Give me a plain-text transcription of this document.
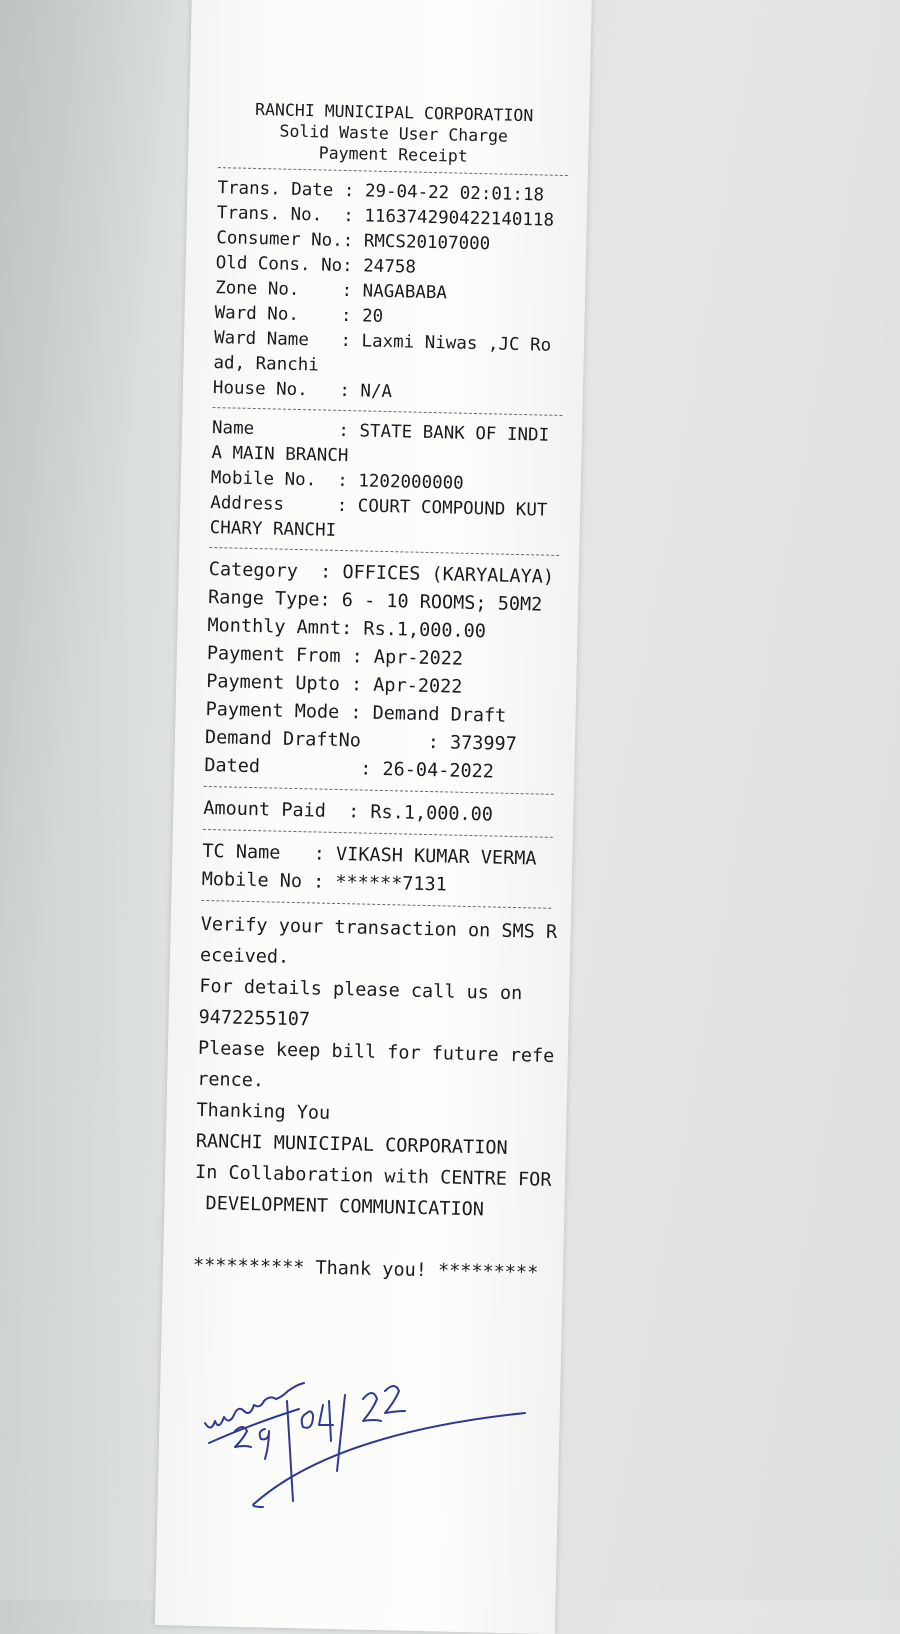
RANCHI MUNICIPAL CORPORATION
Solid Waste User Charge
Payment Receipt
Trans. Date : 29-04-22 02:01:18
Trans. No. : 116374290422140118
Consumer No. : RMCS20107000
Old Cons. No : 24758
Zone No. : NAGABABA
Ward No. : 20
Ward Name : Laxmi Niwas ,JC Ro
ad, Ranchi
House No. : N/A
Name : STATE BANK OF INDI
A MAIN BRANCH
Mobile No. : 1202000000
Address : COURT COMPOUND KUT
CHARY RANCHI
Category : OFFICES (KARYALAYA)
Range Type : 6 - 10 ROOMS; 50M2
Monthly Amnt : Rs.1,000.00
Payment From : Apr-2022
Payment Upto : Apr-2022
Payment Mode : Demand Draft
Demand DraftNo : 373997
Dated : 26-04-2022
Amount Paid : Rs.1,000.00
TC Name : VIKASH KUMAR VERMA
Mobile No : ******7131
Verify your transaction on SMS R
eceived.
For details please call us on
9472255107
Please keep bill for future refe
rence.
Thanking You
RANCHI MUNICIPAL CORPORATION
In Collaboration with CENTRE FOR
DEVELOPMENT COMMUNICATION
********** Thank you! *********
